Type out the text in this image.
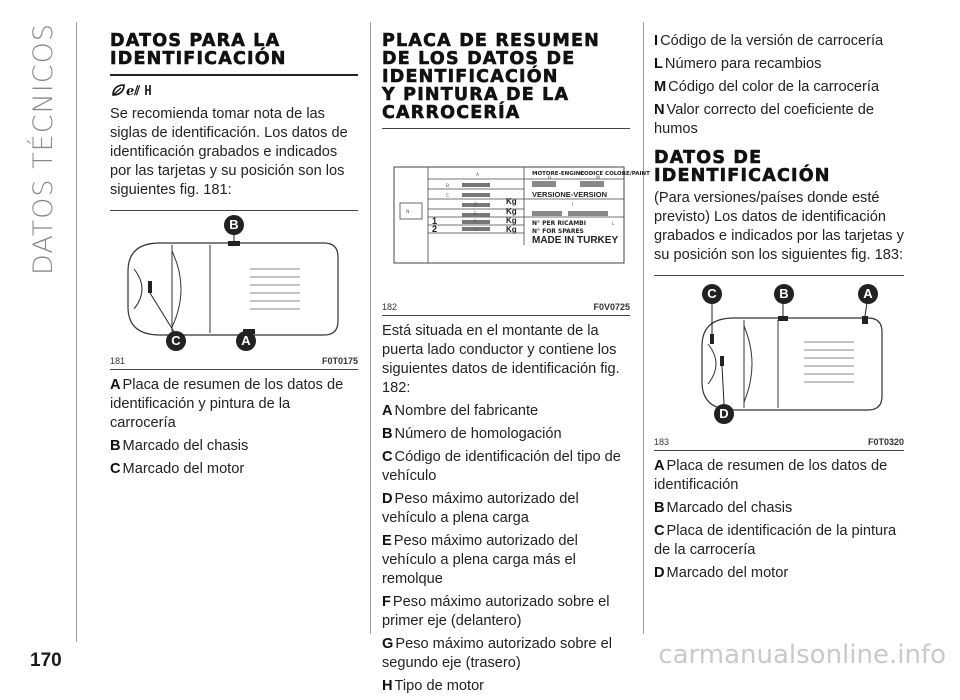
DATOS TÉCNICOS
170	carmanualsonline.info
DATOS PARA LA
IDENTIFICACIÓN
ℯ⫽

Se recomienda tomar nota de las siglas de identificación. Los datos de identificación grabados e indicados por las tarjetas y su posición son los siguientes fig. 181:

B
C	A
181	F0T0175
A Placa de resumen de los datos de identificación y pintura de la carrocería
B Marcado del chasis
C Marcado del motor
PLACA DE RESUMEN
DE LOS DATOS DE
IDENTIFICACIÓN
Y PINTURA DE LA
CARROCERÍA
MOTORE-ENGINE
CODICE COLORE/PAINT
VERSIONE-VERSION
N° PER RICAMBI
N° FOR SPARES
MADE IN TURKEY
Kg
Kg
Kg
Kg
1
2
A
B
C
D
E
F
G
H
I
L
M
N
182	F0V0725

Está situada en el montante de la puerta lado conductor y contiene los siguientes datos de identificación fig. 182:

A Nombre del fabricante
B Número de homologación
C Código de identificación del tipo de vehículo
D Peso máximo autorizado del vehículo a plena carga
E Peso máximo autorizado del vehículo a plena carga más el remolque
F Peso máximo autorizado sobre el primer eje (delantero)
G Peso máximo autorizado sobre el segundo eje (trasero)
H Tipo de motor
I Código de la versión de carrocería
L Número para recambios
M Código del color de la carrocería
N Valor correcto del coeficiente de humos
DATOS DE
IDENTIFICACIÓN

(Para versiones/países donde esté previsto) Los datos de identificación grabados e indicados por las tarjetas y su posición son los siguientes fig. 183:

C	B	A
D
183	F0T0320
A Placa de resumen de los datos de identificación
B Marcado del chasis
C Placa de identificación de la pintura de la carrocería
D Marcado del motor
